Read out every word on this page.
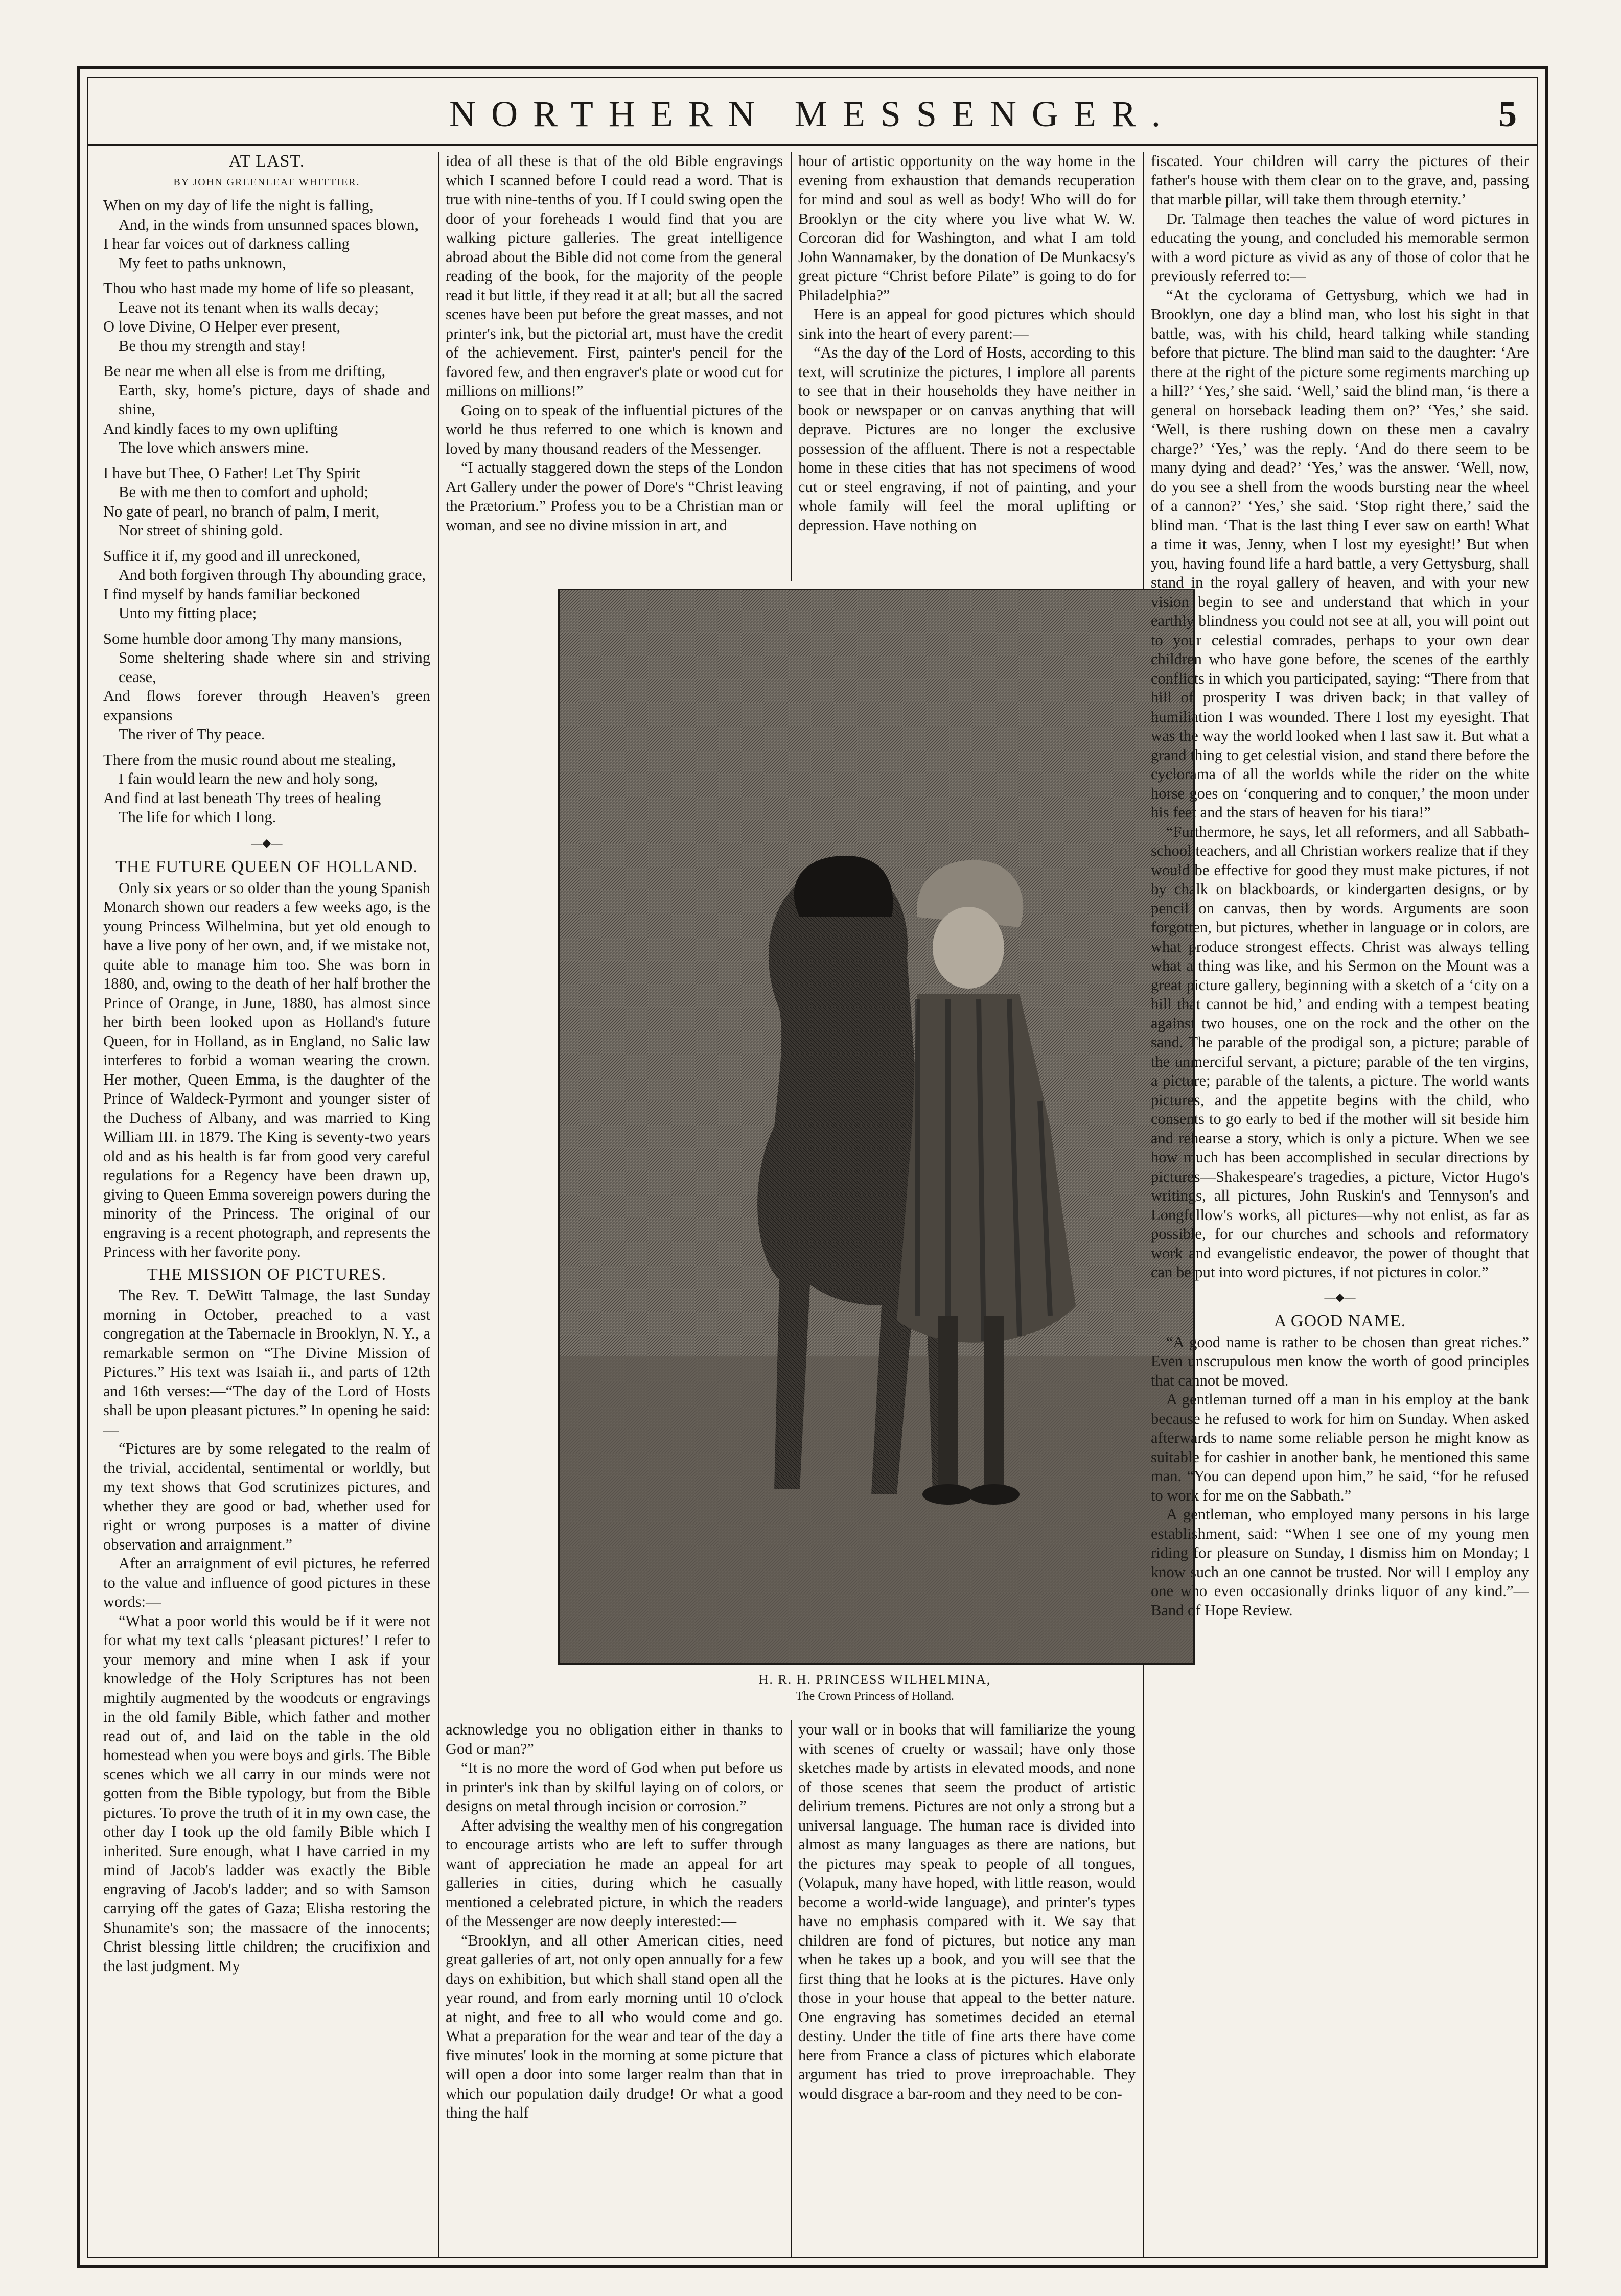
NORTHERN MESSENGER.	5
AT LAST.
BY JOHN GREENLEAF WHITTIER.

When on my day of life the night is falling,

And, in the winds from unsunned spaces blown,

I hear far voices out of darkness calling

My feet to paths unknown,

Thou who hast made my home of life so pleasant,

Leave not its tenant when its walls decay;

O love Divine, O Helper ever present,

Be thou my strength and stay!

Be near me when all else is from me drifting,

Earth, sky, home's picture, days of shade and shine,

And kindly faces to my own uplifting

The love which answers mine.

I have but Thee, O Father! Let Thy Spirit

Be with me then to comfort and uphold;

No gate of pearl, no branch of palm, I merit,

Nor street of shining gold.

Suffice it if, my good and ill unreckoned,

And both forgiven through Thy abounding grace,

I find myself by hands familiar beckoned

Unto my fitting place;

Some humble door among Thy many mansions,

Some sheltering shade where sin and striving cease,

And flows forever through Heaven's green expansions

The river of Thy peace.

There from the music round about me stealing,

I fain would learn the new and holy song,

And find at last beneath Thy trees of healing

The life for which I long.

—◆—
THE FUTURE QUEEN OF HOLLAND.

Only six years or so older than the young Spanish Monarch shown our readers a few weeks ago, is the young Princess Wilhelmina, but yet old enough to have a live pony of her own, and, if we mistake not, quite able to manage him too. She was born in 1880, and, owing to the death of her half brother the Prince of Orange, in June, 1880, has almost since her birth been looked upon as Holland's future Queen, for in Holland, as in England, no Salic law interferes to forbid a woman wearing the crown. Her mother, Queen Emma, is the daughter of the Prince of Waldeck-Pyrmont and younger sister of the Duchess of Albany, and was married to King William III. in 1879. The King is seventy-two years old and as his health is far from good very careful regulations for a Regency have been drawn up, giving to Queen Emma sovereign powers during the minority of the Princess. The original of our engraving is a recent photograph, and represents the Princess with her favorite pony.

THE MISSION OF PICTURES.

The Rev. T. DeWitt Talmage, the last Sunday morning in October, preached to a vast congregation at the Tabernacle in Brooklyn, N. Y., a remarkable sermon on “The Divine Mission of Pictures.” His text was Isaiah ii., and parts of 12th and 16th verses:—“The day of the Lord of Hosts shall be upon pleasant pictures.” In opening he said:—

“Pictures are by some relegated to the realm of the trivial, accidental, sentimental or worldly, but my text shows that God scrutinizes pictures, and whether they are good or bad, whether used for right or wrong purposes is a matter of divine observation and arraignment.”

After an arraignment of evil pictures, he referred to the value and influence of good pictures in these words:—

“What a poor world this would be if it were not for what my text calls ‘pleasant pictures!’ I refer to your memory and mine when I ask if your knowledge of the Holy Scriptures has not been mightily augmented by the woodcuts or engravings in the old family Bible, which father and mother read out of, and laid on the table in the old homestead when you were boys and girls. The Bible scenes which we all carry in our minds were not gotten from the Bible typology, but from the Bible pictures. To prove the truth of it in my own case, the other day I took up the old family Bible which I inherited. Sure enough, what I have carried in my mind of Jacob's ladder was exactly the Bible engraving of Jacob's ladder; and so with Samson carrying off the gates of Gaza; Elisha restoring the Shunamite's son; the massacre of the innocents; Christ blessing little children; the crucifixion and the last judgment. My

idea of all these is that of the old Bible engravings which I scanned before I could read a word. That is true with nine-tenths of you. If I could swing open the door of your foreheads I would find that you are walking picture galleries. The great intelligence abroad about the Bible did not come from the general reading of the book, for the majority of the people read it but little, if they read it at all; but all the sacred scenes have been put before the great masses, and not printer's ink, but the pictorial art, must have the credit of the achievement. First, painter's pencil for the favored few, and then engraver's plate or wood cut for millions on millions!”

Going on to speak of the influential pictures of the world he thus referred to one which is known and loved by many thousand readers of the Messenger.

“I actually staggered down the steps of the London Art Gallery under the power of Dore's “Christ leaving the Prætorium.” Profess you to be a Christian man or woman, and see no divine mission in art, and

hour of artistic opportunity on the way home in the evening from exhaustion that demands recuperation for mind and soul as well as body! Who will do for Brooklyn or the city where you live what W. W. Corcoran did for Washington, and what I am told John Wannamaker, by the donation of De Munkacsy's great picture “Christ before Pilate” is going to do for Philadelphia?”

Here is an appeal for good pictures which should sink into the heart of every parent:—

“As the day of the Lord of Hosts, according to this text, will scrutinize the pictures, I implore all parents to see that in their households they have neither in book or newspaper or on canvas anything that will deprave. Pictures are no longer the exclusive possession of the affluent. There is not a respectable home in these cities that has not specimens of wood cut or steel engraving, if not of painting, and your whole family will feel the moral uplifting or depression. Have nothing on

H. R. H. PRINCESS WILHELMINA,
The Crown Princess of Holland.

acknowledge you no obligation either in thanks to God or man?”

“It is no more the word of God when put before us in printer's ink than by skilful laying on of colors, or designs on metal through incision or corrosion.”

After advising the wealthy men of his congregation to encourage artists who are left to suffer through want of appreciation he made an appeal for art galleries in cities, during which he casually mentioned a celebrated picture, in which the readers of the Messenger are now deeply interested:—

“Brooklyn, and all other American cities, need great galleries of art, not only open annually for a few days on exhibition, but which shall stand open all the year round, and from early morning until 10 o'clock at night, and free to all who would come and go. What a preparation for the wear and tear of the day a five minutes' look in the morning at some picture that will open a door into some larger realm than that in which our population daily drudge! Or what a good thing the half

your wall or in books that will familiarize the young with scenes of cruelty or wassail; have only those sketches made by artists in elevated moods, and none of those scenes that seem the product of artistic delirium tremens. Pictures are not only a strong but a universal language. The human race is divided into almost as many languages as there are nations, but the pictures may speak to people of all tongues, (Volapuk, many have hoped, with little reason, would become a world-wide language), and printer's types have no emphasis compared with it. We say that children are fond of pictures, but notice any man when he takes up a book, and you will see that the first thing that he looks at is the pictures. Have only those in your house that appeal to the better nature. One engraving has sometimes decided an eternal destiny. Under the title of fine arts there have come here from France a class of pictures which elaborate argument has tried to prove irreproachable. They would disgrace a bar-room and they need to be con-

fiscated. Your children will carry the pictures of their father's house with them clear on to the grave, and, passing that marble pillar, will take them through eternity.’

Dr. Talmage then teaches the value of word pictures in educating the young, and concluded his memorable sermon with a word picture as vivid as any of those of color that he previously referred to:—

“At the cyclorama of Gettysburg, which we had in Brooklyn, one day a blind man, who lost his sight in that battle, was, with his child, heard talking while standing before that picture. The blind man said to the daughter: ‘Are there at the right of the picture some regiments marching up a hill?’ ‘Yes,’ she said. ‘Well,’ said the blind man, ‘is there a general on horseback leading them on?’ ‘Yes,’ she said. ‘Well, is there rushing down on these men a cavalry charge?’ ‘Yes,’ was the reply. ‘And do there seem to be many dying and dead?’ ‘Yes,’ was the answer. ‘Well, now, do you see a shell from the woods bursting near the wheel of a cannon?’ ‘Yes,’ she said. ‘Stop right there,’ said the blind man. ‘That is the last thing I ever saw on earth! What a time it was, Jenny, when I lost my eyesight!’ But when you, having found life a hard battle, a very Gettysburg, shall stand in the royal gallery of heaven, and with your new vision begin to see and understand that which in your earthly blindness you could not see at all, you will point out to your celestial comrades, perhaps to your own dear children who have gone before, the scenes of the earthly conflicts in which you participated, saying: “There from that hill of prosperity I was driven back; in that valley of humiliation I was wounded. There I lost my eyesight. That was the way the world looked when I last saw it. But what a grand thing to get celestial vision, and stand there before the cyclorama of all the worlds while the rider on the white horse goes on ‘conquering and to conquer,’ the moon under his feet and the stars of heaven for his tiara!”

“Furthermore, he says, let all reformers, and all Sabbath-school teachers, and all Christian workers realize that if they would be effective for good they must make pictures, if not by chalk on blackboards, or kindergarten designs, or by pencil on canvas, then by words. Arguments are soon forgotten, but pictures, whether in language or in colors, are what produce strongest effects. Christ was always telling what a thing was like, and his Sermon on the Mount was a great picture gallery, beginning with a sketch of a ‘city on a hill that cannot be hid,’ and ending with a tempest beating against two houses, one on the rock and the other on the sand. The parable of the prodigal son, a picture; parable of the unmerciful servant, a picture; parable of the ten virgins, a picture; parable of the talents, a picture. The world wants pictures, and the appetite begins with the child, who consents to go early to bed if the mother will sit beside him and rehearse a story, which is only a picture. When we see how much has been accomplished in secular directions by pictures—Shakespeare's tragedies, a picture, Victor Hugo's writings, all pictures, John Ruskin's and Tennyson's and Longfellow's works, all pictures—why not enlist, as far as possible, for our churches and schools and reformatory work and evangelistic endeavor, the power of thought that can be put into word pictures, if not pictures in color.”

—◆—
A GOOD NAME.

“A good name is rather to be chosen than great riches.” Even unscrupulous men know the worth of good principles that cannot be moved.

A gentleman turned off a man in his employ at the bank because he refused to work for him on Sunday. When asked afterwards to name some reliable person he might know as suitable for cashier in another bank, he mentioned this same man. “You can depend upon him,” he said, “for he refused to work for me on the Sabbath.”

A gentleman, who employed many persons in his large establishment, said: “When I see one of my young men riding for pleasure on Sunday, I dismiss him on Monday; I know such an one cannot be trusted. Nor will I employ any one who even occasionally drinks liquor of any kind.”—Band of Hope Review.
